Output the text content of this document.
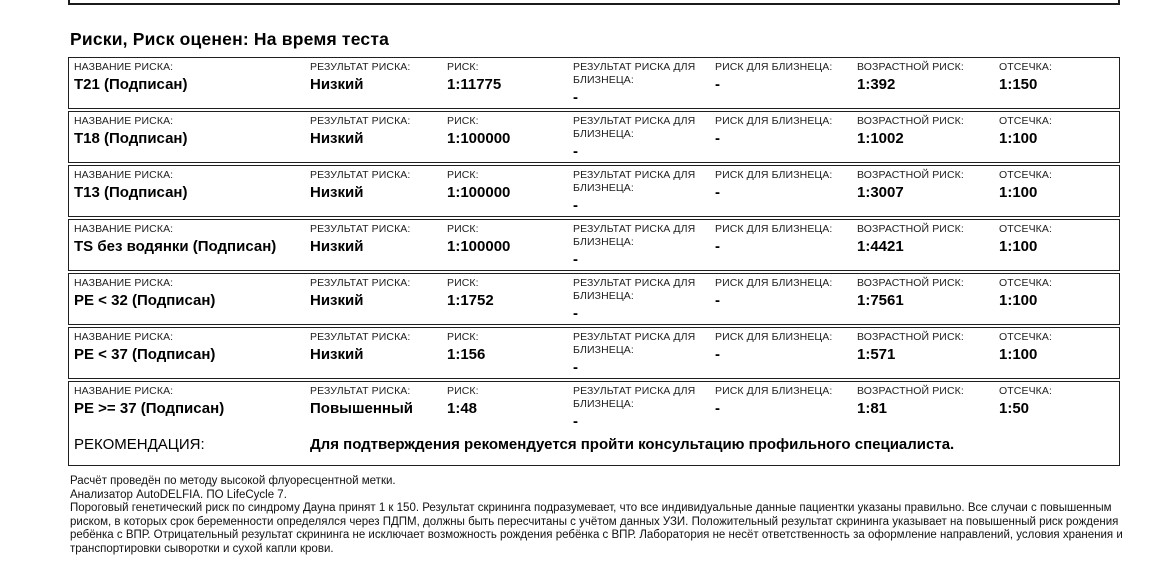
Риски, Риск оценен: На время теста
НАЗВАНИЕ РИСКА:
T21 (Подписан)
РЕЗУЛЬТАТ РИСКА:
Низкий
РИСК:
1:11775
РЕЗУЛЬТАТ РИСКА ДЛЯ БЛИЗНЕЦА:
-
РИСК ДЛЯ БЛИЗНЕЦА:
-
ВОЗРАСТНОЙ РИСК:
1:392
ОТСЕЧКА:
1:150
НАЗВАНИЕ РИСКА:
T18 (Подписан)
РЕЗУЛЬТАТ РИСКА:
Низкий
РИСК:
1:100000
РЕЗУЛЬТАТ РИСКА ДЛЯ БЛИЗНЕЦА:
-
РИСК ДЛЯ БЛИЗНЕЦА:
-
ВОЗРАСТНОЙ РИСК:
1:1002
ОТСЕЧКА:
1:100
НАЗВАНИЕ РИСКА:
T13 (Подписан)
РЕЗУЛЬТАТ РИСКА:
Низкий
РИСК:
1:100000
РЕЗУЛЬТАТ РИСКА ДЛЯ БЛИЗНЕЦА:
-
РИСК ДЛЯ БЛИЗНЕЦА:
-
ВОЗРАСТНОЙ РИСК:
1:3007
ОТСЕЧКА:
1:100
НАЗВАНИЕ РИСКА:
TS без водянки (Подписан)
РЕЗУЛЬТАТ РИСКА:
Низкий
РИСК:
1:100000
РЕЗУЛЬТАТ РИСКА ДЛЯ БЛИЗНЕЦА:
-
РИСК ДЛЯ БЛИЗНЕЦА:
-
ВОЗРАСТНОЙ РИСК:
1:4421
ОТСЕЧКА:
1:100
НАЗВАНИЕ РИСКА:
PE < 32 (Подписан)
РЕЗУЛЬТАТ РИСКА:
Низкий
РИСК:
1:1752
РЕЗУЛЬТАТ РИСКА ДЛЯ БЛИЗНЕЦА:
-
РИСК ДЛЯ БЛИЗНЕЦА:
-
ВОЗРАСТНОЙ РИСК:
1:7561
ОТСЕЧКА:
1:100
НАЗВАНИЕ РИСКА:
PE < 37 (Подписан)
РЕЗУЛЬТАТ РИСКА:
Низкий
РИСК:
1:156
РЕЗУЛЬТАТ РИСКА ДЛЯ БЛИЗНЕЦА:
-
РИСК ДЛЯ БЛИЗНЕЦА:
-
ВОЗРАСТНОЙ РИСК:
1:571
ОТСЕЧКА:
1:100
НАЗВАНИЕ РИСКА:
PE >= 37 (Подписан)
РЕЗУЛЬТАТ РИСКА:
Повышенный
РИСК:
1:48
РЕЗУЛЬТАТ РИСКА ДЛЯ БЛИЗНЕЦА:
-
РИСК ДЛЯ БЛИЗНЕЦА:
-
ВОЗРАСТНОЙ РИСК:
1:81
ОТСЕЧКА:
1:50
РЕКОМЕНДАЦИЯ:	Для подтверждения рекомендуется пройти консультацию профильного специалиста.

Расчёт проведён по методу высокой флуоресцентной метки.

Анализатор AutoDELFIA. ПО LifeCycle 7.

Пороговый генетический риск по синдрому Дауна принят 1 к 150. Результат скрининга подразумевает, что все индивидуальные данные пациентки указаны правильно. Все случаи с повышенным риском, в которых срок беременности определялся через ПДПМ, должны быть пересчитаны с учётом данных УЗИ. Положительный результат скрининга указывает на повышенный риск рождения ребёнка с ВПР. Отрицательный результат скрининга не исключает возможность рождения ребёнка с ВПР. Лаборатория не несёт ответственность за оформление направлений, условия хранения и транспортировки сыворотки и сухой капли крови.
